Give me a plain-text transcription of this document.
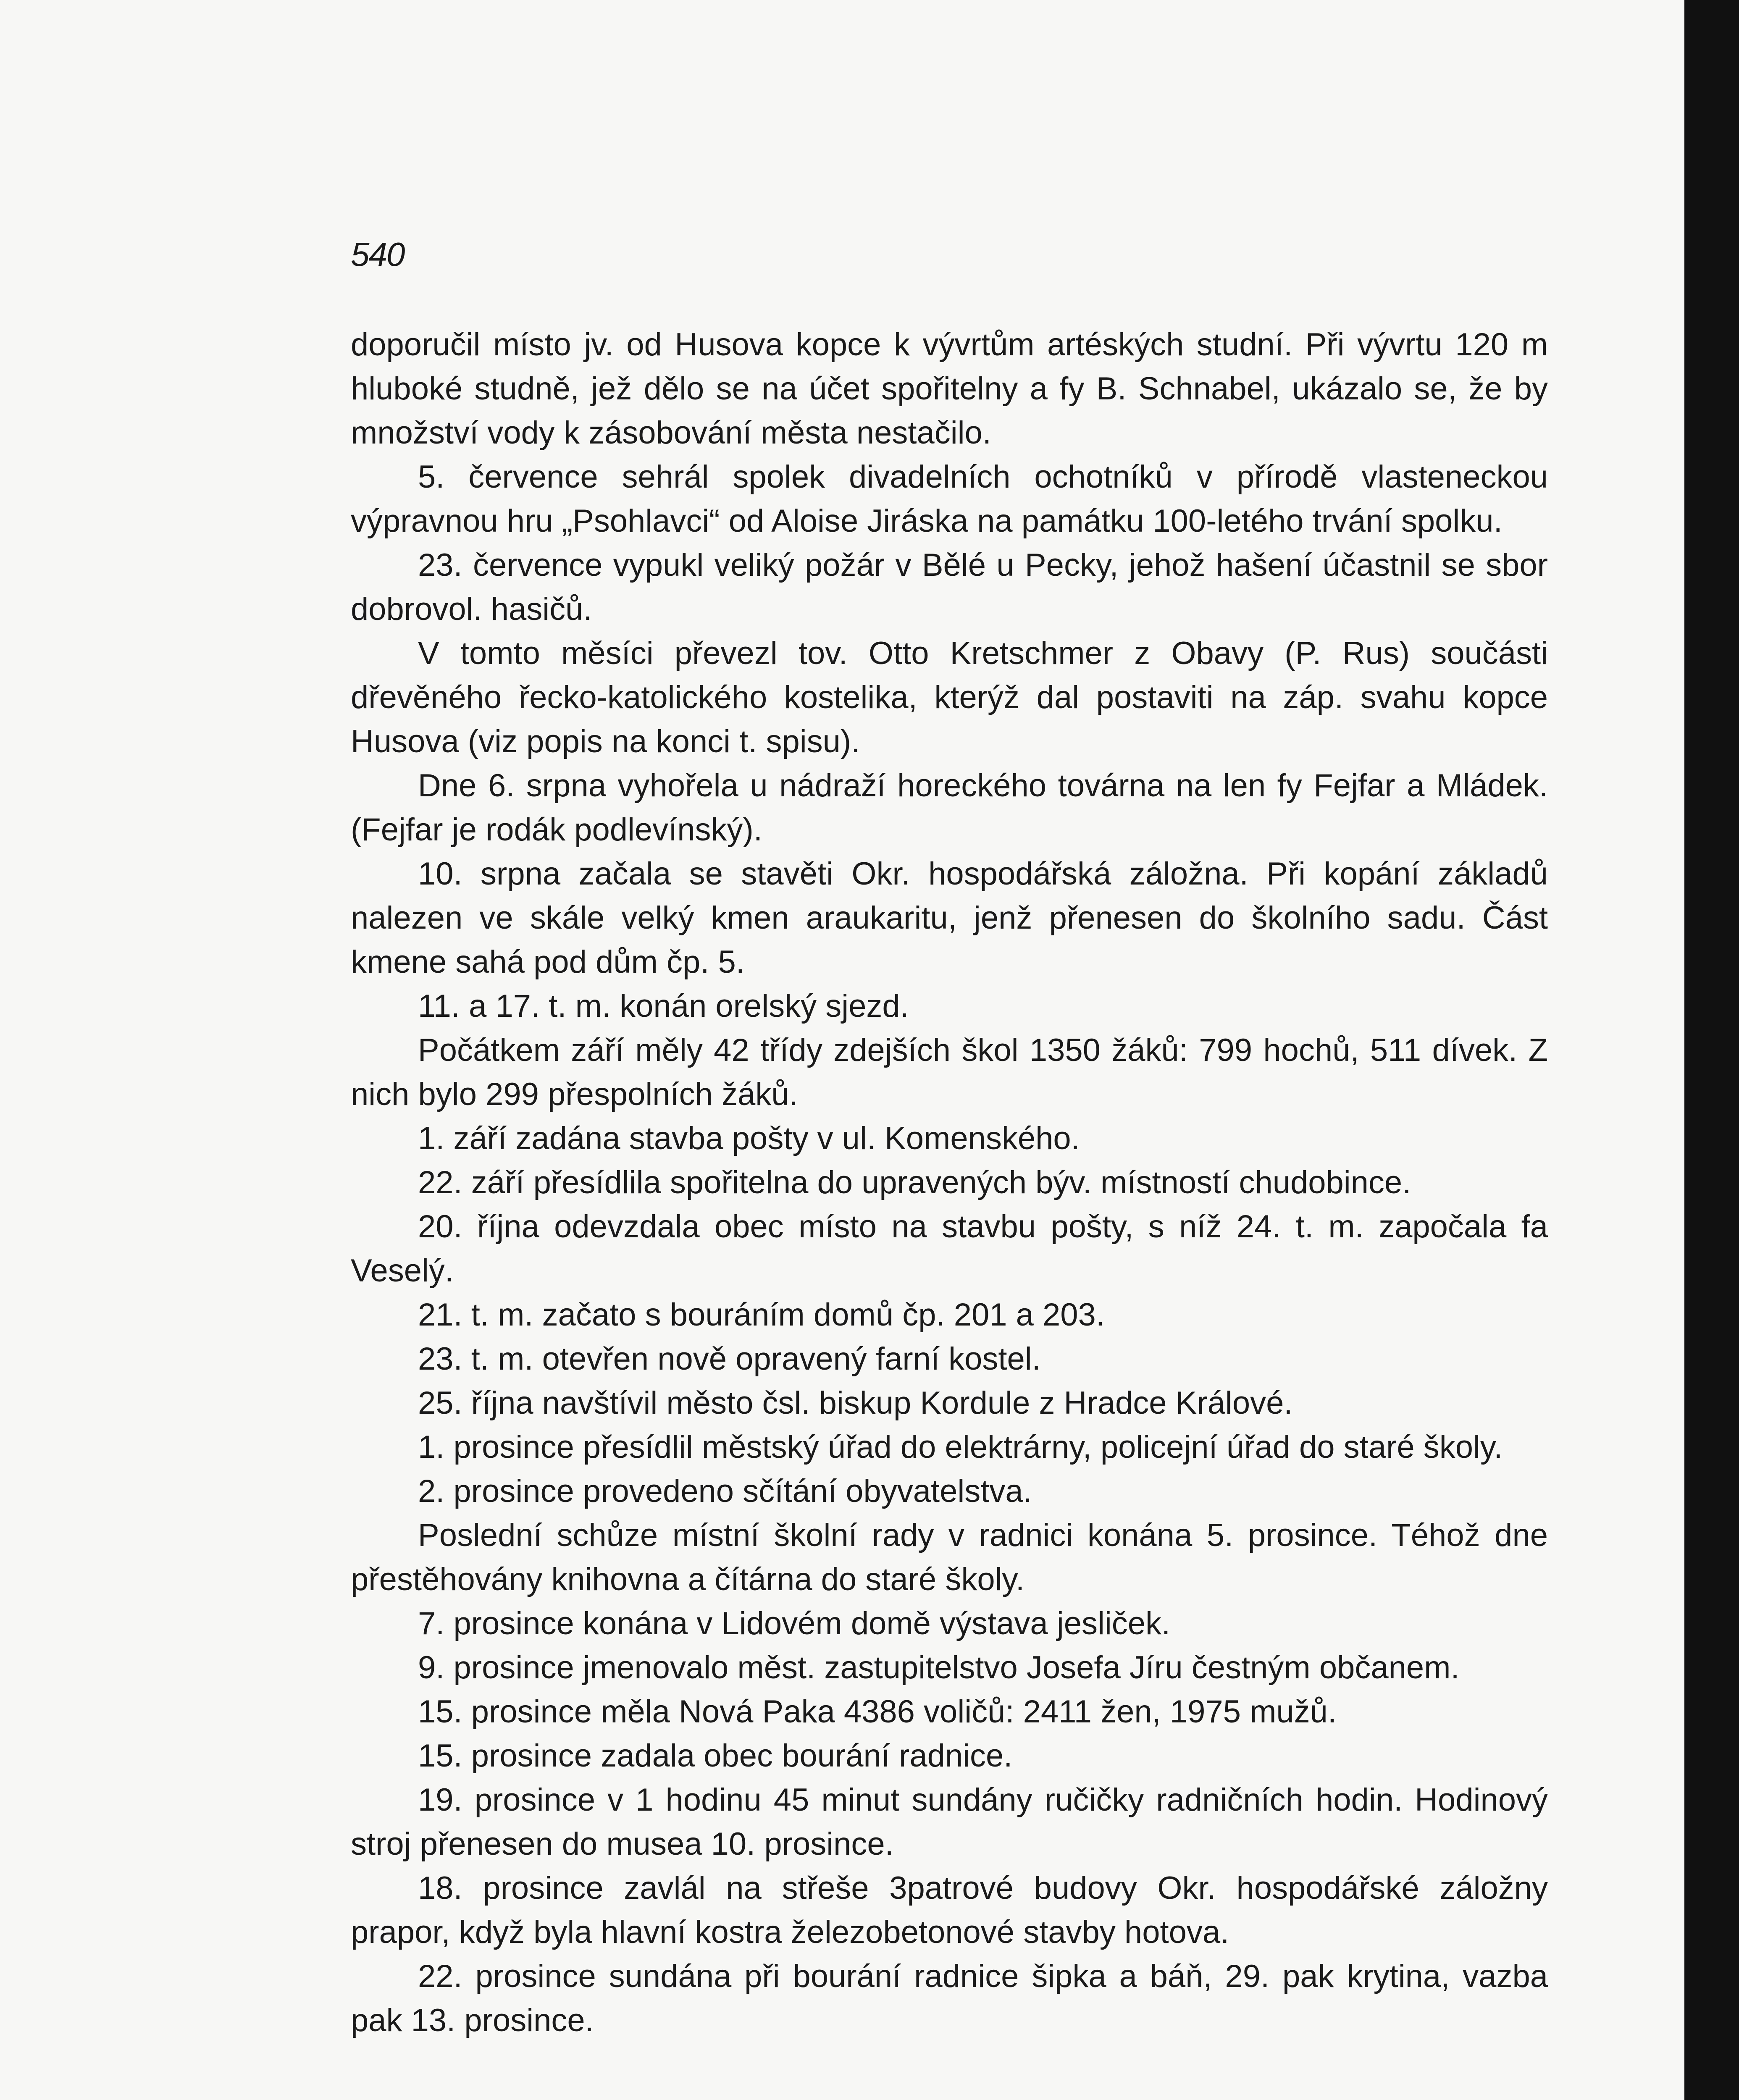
540

doporučil místo jv. od Husova kopce k vývrtům artéských studní. Při vývrtu 120 m hluboké studně, jež dělo se na účet spořitelny a fy B. Schnabel, ukázalo se, že by množství vody k zásobování města nestačilo.

5. července sehrál spolek divadelních ochotníků v přírodě vlasteneckou výpravnou hru „Psohlavci“ od Aloise Jiráska na památku 100-letého trvání spolku.

23. července vypukl veliký požár v Bělé u Pecky, jehož hašení účastnil se sbor dobrovol. hasičů.

V tomto měsíci převezl tov. Otto Kretschmer z Obavy (P. Rus) součásti dřevěného řecko-katolického kostelika, kterýž dal postaviti na záp. svahu kopce Husova (viz popis na konci t. spisu).

Dne 6. srpna vyhořela u nádraží horeckého továrna na len fy Fejfar a Mládek. (Fejfar je rodák podlevínský).

10. srpna začala se stavěti Okr. hospodářská záložna. Při kopání základů nalezen ve skále velký kmen araukaritu, jenž přenesen do školního sadu. Část kmene sahá pod dům čp. 5.

11. a 17. t. m. konán orelský sjezd.

Počátkem září měly 42 třídy zdejších škol 1350 žáků: 799 hochů, 511 dívek. Z nich bylo 299 přespolních žáků.

1. září zadána stavba pošty v ul. Komenského.

22. září přesídlila spořitelna do upravených býv. místností chudobince.

20. října odevzdala obec místo na stavbu pošty, s níž 24. t. m. započala fa Veselý.

21. t. m. začato s bouráním domů čp. 201 a 203.

23. t. m. otevřen nově opravený farní kostel.

25. října navštívil město čsl. biskup Kordule z Hradce Králové.

1. prosince přesídlil městský úřad do elektrárny, policejní úřad do staré školy.

2. prosince provedeno sčítání obyvatelstva.

Poslední schůze místní školní rady v radnici konána 5. prosince. Téhož dne přestěhovány knihovna a čítárna do staré školy.

7. prosince konána v Lidovém domě výstava jesliček.

9. prosince jmenovalo měst. zastupitelstvo Josefa Jíru čestným občanem.

15. prosince měla Nová Paka 4386 voličů: 2411 žen, 1975 mužů.

15. prosince zadala obec bourání radnice.

19. prosince v 1 hodinu 45 minut sundány ručičky radničních hodin. Hodinový stroj přenesen do musea 10. prosince.

18. prosince zavlál na střeše 3patrové budovy Okr. hospodářské záložny prapor, když byla hlavní kostra železobetonové stavby hotova.

22. prosince sundána při bourání radnice šipka a báň, 29. pak krytina, vazba pak 13. prosince.
